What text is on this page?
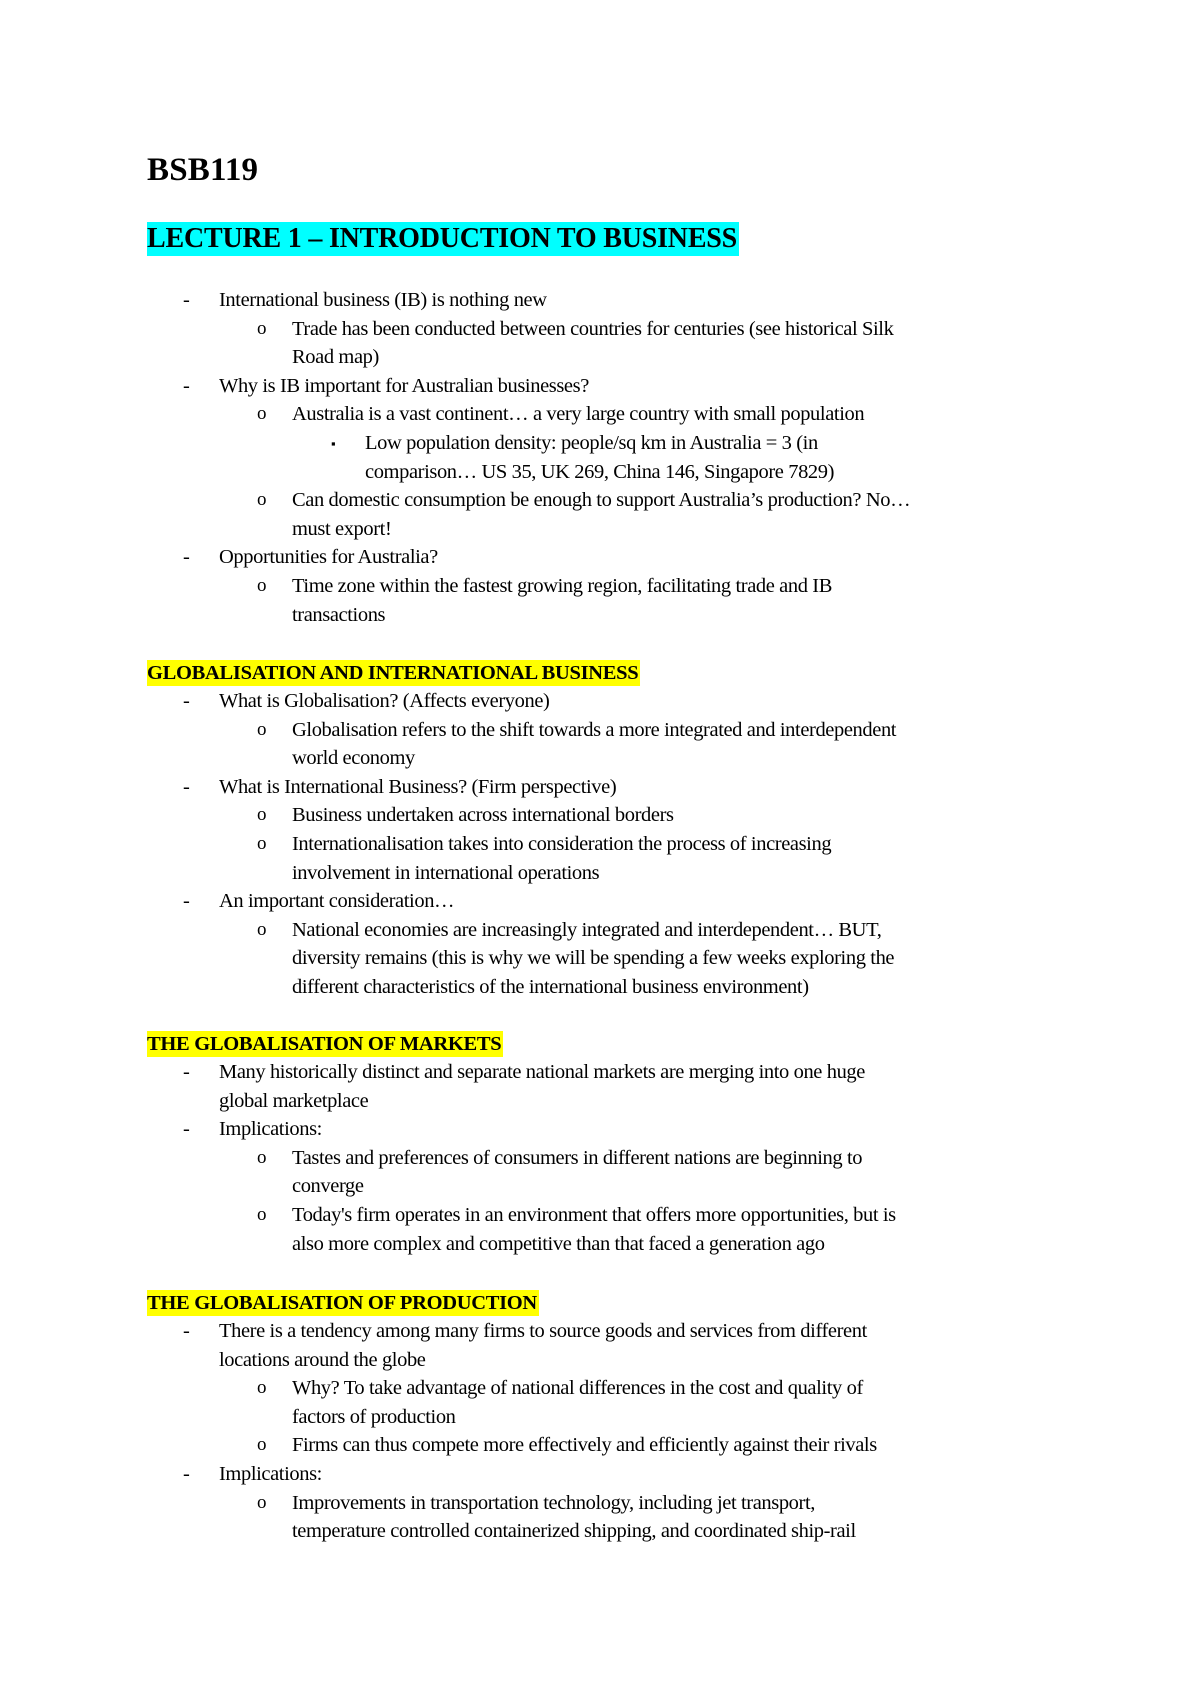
BSB119
LECTURE 1 – INTRODUCTION TO BUSINESS
- International business (IB) is nothing new
o Trade has been conducted between countries for centuries (see historical Silk
Road map)
- Why is IB important for Australian businesses?
o Australia is a vast continent… a very large country with small population
▪ Low population density: people/sq km in Australia = 3 (in
comparison… US 35, UK 269, China 146, Singapore 7829)
o Can domestic consumption be enough to support Australia’s production? No…
must export!
- Opportunities for Australia?
o Time zone within the fastest growing region, facilitating trade and IB
transactions
GLOBALISATION AND INTERNATIONAL BUSINESS
- What is Globalisation? (Affects everyone)
o Globalisation refers to the shift towards a more integrated and interdependent
world economy
- What is International Business? (Firm perspective)
o Business undertaken across international borders
o Internationalisation takes into consideration the process of increasing
involvement in international operations
- An important consideration…
o National economies are increasingly integrated and interdependent… BUT,
diversity remains (this is why we will be spending a few weeks exploring the
different characteristics of the international business environment)
THE GLOBALISATION OF MARKETS
- Many historically distinct and separate national markets are merging into one huge
global marketplace
- Implications:
o Tastes and preferences of consumers in different nations are beginning to
converge
o Today's firm operates in an environment that offers more opportunities, but is
also more complex and competitive than that faced a generation ago
THE GLOBALISATION OF PRODUCTION
- There is a tendency among many firms to source goods and services from different
locations around the globe
o Why? To take advantage of national differences in the cost and quality of
factors of production
o Firms can thus compete more effectively and efficiently against their rivals
- Implications:
o Improvements in transportation technology, including jet transport,
temperature controlled containerized shipping, and coordinated ship-rail
